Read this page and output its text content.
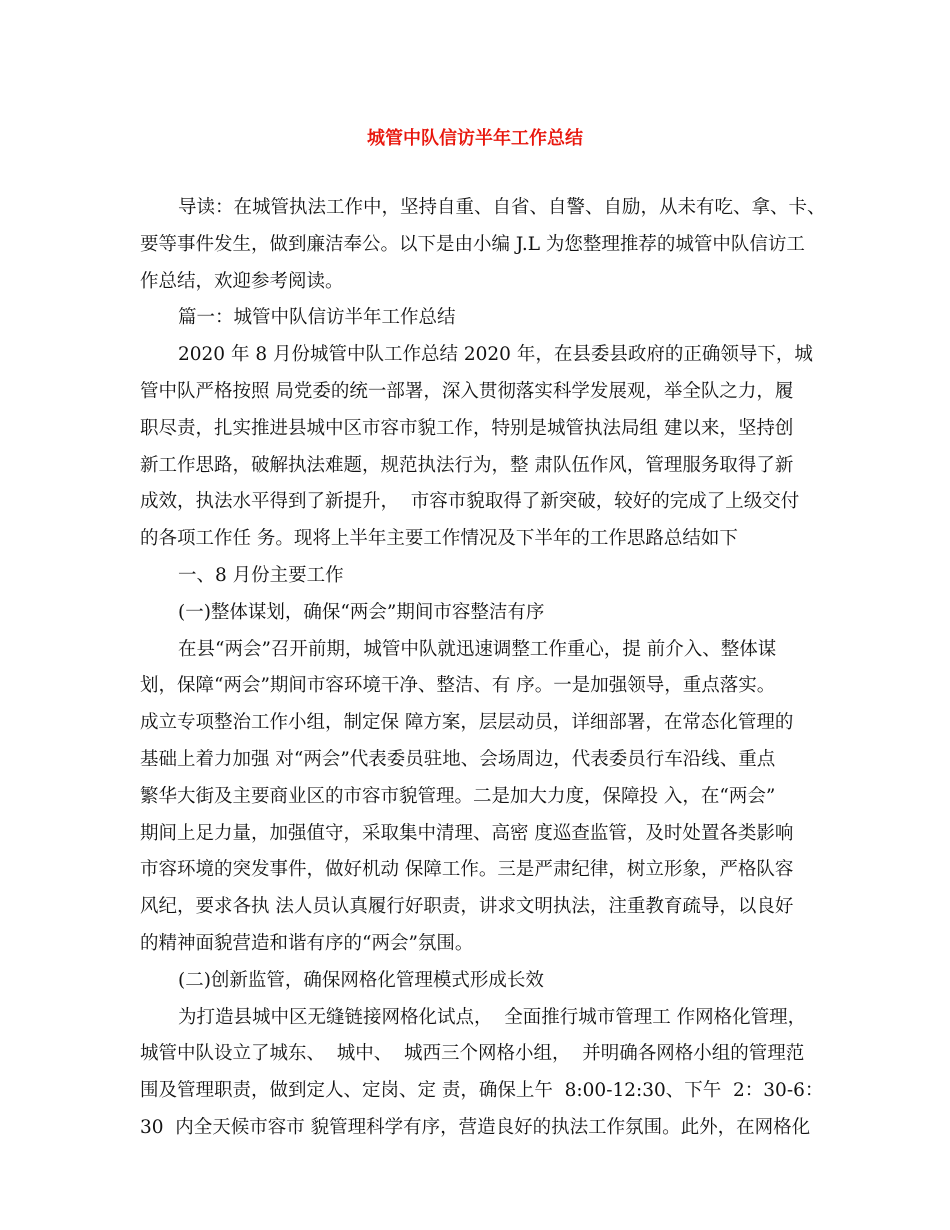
城管中队信访半年工作总结

导读：在城管执法工作中，坚持自重、自省、自警、自励，从未有吃、拿、卡、
要等事件发生，做到廉洁奉公。以下是由小编 J.L 为您整理推荐的城管中队信访工
作总结，欢迎参考阅读。

篇一：城管中队信访半年工作总结

2020 年 8 月份城管中队工作总结 2020 年，在县委县政府的正确领导下，城
管中队严格按照 局党委的统一部署，深入贯彻落实科学发展观，举全队之力，履
职尽责，扎实推进县城中区市容市貌工作，特别是城管执法局组 建以来，坚持创
新工作思路，破解执法难题，规范执法行为，整 肃队伍作风，管理服务取得了新
成效，执法水平得到了新提升，  市容市貌取得了新突破，较好的完成了上级交付
的各项工作任 务。现将上半年主要工作情况及下半年的工作思路总结如下

一、8 月份主要工作

(一)整体谋划，确保“两会”期间市容整洁有序

在县“两会”召开前期，城管中队就迅速调整工作重心，提 前介入、整体谋
划，保障“两会”期间市容环境干净、整洁、有 序。一是加强领导，重点落实。
成立专项整治工作小组，制定保 障方案，层层动员，详细部署，在常态化管理的
基础上着力加强 对“两会”代表委员驻地、会场周边，代表委员行车沿线、重点
繁华大街及主要商业区的市容市貌管理。二是加大力度，保障投 入，在“两会”
期间上足力量，加强值守，采取集中清理、高密 度巡查监管，及时处置各类影响
市容环境的突发事件，做好机动 保障工作。三是严肃纪律，树立形象，严格队容
风纪，要求各执 法人员认真履行好职责，讲求文明执法，注重教育疏导，以良好
的精神面貌营造和谐有序的“两会”氛围。

(二)创新监管，确保网格化管理模式形成长效

为打造县城中区无缝链接网格化试点，  全面推行城市管理工 作网格化管理，
城管中队设立了城东、  城中、  城西三个网格小组，  并明确各网格小组的管理范
围及管理职责，做到定人、定岗、定 责，确保上午  8:00-12:30、下午  2：30-6：
30  内全天候市容市 貌管理科学有序，营造良好的执法工作氛围。此外，在网格化
